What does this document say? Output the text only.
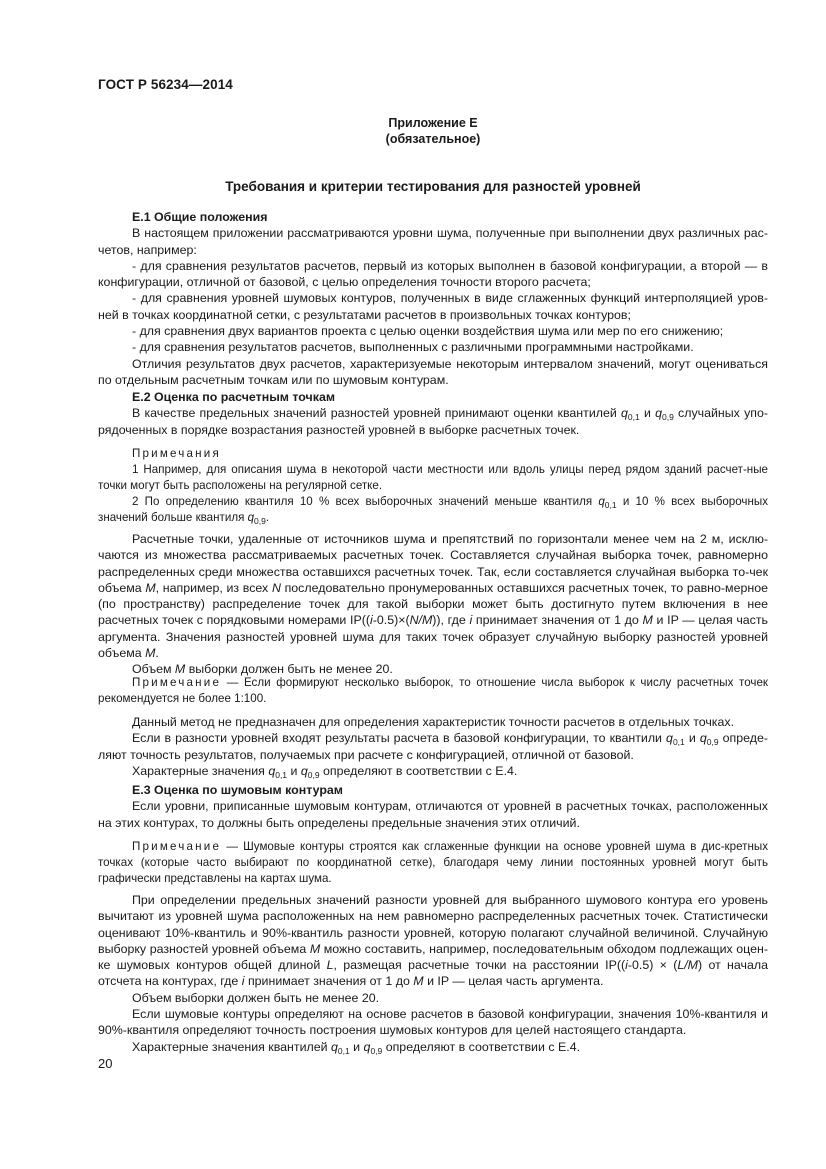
ГОСТ Р 56234—2014
Приложение Е
(обязательное)
Требования и критерии тестирования для разностей уровней

Е.1 Общие положения

В настоящем приложении рассматриваются уровни шума, полученные при выполнении двух различных рас-четов, например:

- для сравнения результатов расчетов, первый из которых выполнен в базовой конфигурации, а второй — в конфигурации, отличной от базовой, с целью определения точности второго расчета;

- для сравнения уровней шумовых контуров, полученных в виде сглаженных функций интерполяцией уров-ней в точках координатной сетки, с результатами расчетов в произвольных точках контуров;

- для сравнения двух вариантов проекта с целью оценки воздействия шума или мер по его снижению;

- для сравнения результатов расчетов, выполненных с различными программными настройками.

Отличия результатов двух расчетов, характеризуемые некоторым интервалом значений, могут оцениваться по отдельным расчетным точкам или по шумовым контурам.

Е.2 Оценка по расчетным точкам

В качестве предельных значений разностей уровней принимают оценки квантилей $q_{0,1}$ и $q_{0,9}$ случайных упо-рядоченных в порядке возрастания разностей уровней в выборке расчетных точек.

Примечания

1 Например, для описания шума в некоторой части местности или вдоль улицы перед рядом зданий расчет-ные точки могут быть расположены на регулярной сетке.

2 По определению квантиля 10 % всех выборочных значений меньше квантиля $q_{0,1}$ и 10 % всех выборочных значений больше квантиля $q_{0,9}$.

Расчетные точки, удаленные от источников шума и препятствий по горизонтали менее чем на 2 м, исклю-чаются из множества рассматриваемых расчетных точек. Составляется случайная выборка точек, равномерно распределенных среди множества оставшихся расчетных точек. Так, если составляется случайная выборка то-чек объема M, например, из всех N последовательно пронумерованных оставшихся расчетных точек, то равно-мерное (по пространству) распределение точек для такой выборки может быть достигнуто путем включения в нее расчетных точек с порядковыми номерами IP((i-0.5)×(N/M)), где i принимает значения от 1 до M и IP — целая часть аргумента. Значения разностей уровней шума для таких точек образует случайную выборку разностей уровней объема M.

Объем M выборки должен быть не менее 20.

Примечание — Если формируют несколько выборок, то отношение числа выборок к числу расчетных точек рекомендуется не более 1:100.

Данный метод не предназначен для определения характеристик точности расчетов в отдельных точках.

Если в разности уровней входят результаты расчета в базовой конфигурации, то квантили $q_{0,1}$ и $q_{0,9}$ опреде-ляют точность результатов, получаемых при расчете с конфигурацией, отличной от базовой.

Характерные значения $q_{0,1}$ и $q_{0,9}$ определяют в соответствии с Е.4.

Е.3 Оценка по шумовым контурам

Если уровни, приписанные шумовым контурам, отличаются от уровней в расчетных точках, расположенных на этих контурах, то должны быть определены предельные значения этих отличий.

Примечание — Шумовые контуры строятся как сглаженные функции на основе уровней шума в дис-кретных точках (которые часто выбирают по координатной сетке), благодаря чему линии постоянных уровней могут быть графически представлены на картах шума.

При определении предельных значений разности уровней для выбранного шумового контура его уровень вычитают из уровней шума расположенных на нем равномерно распределенных расчетных точек. Статистически оценивают 10%-квантиль и 90%-квантиль разности уровней, которую полагают случайной величиной. Случайную выборку разностей уровней объема M можно составить, например, последовательным обходом подлежащих оцен-ке шумовых контуров общей длиной L, размещая расчетные точки на расстоянии IP((i-0.5) × (L/M) от начала отсчета на контурах, где i принимает значения от 1 до M и IP — целая часть аргумента.

Объем выборки должен быть не менее 20.

Если шумовые контуры определяют на основе расчетов в базовой конфигурации, значения 10%-квантиля и 90%-квантиля определяют точность построения шумовых контуров для целей настоящего стандарта.

Характерные значения квантилей $q_{0,1}$ и $q_{0,9}$ определяют в соответствии с Е.4.

20
